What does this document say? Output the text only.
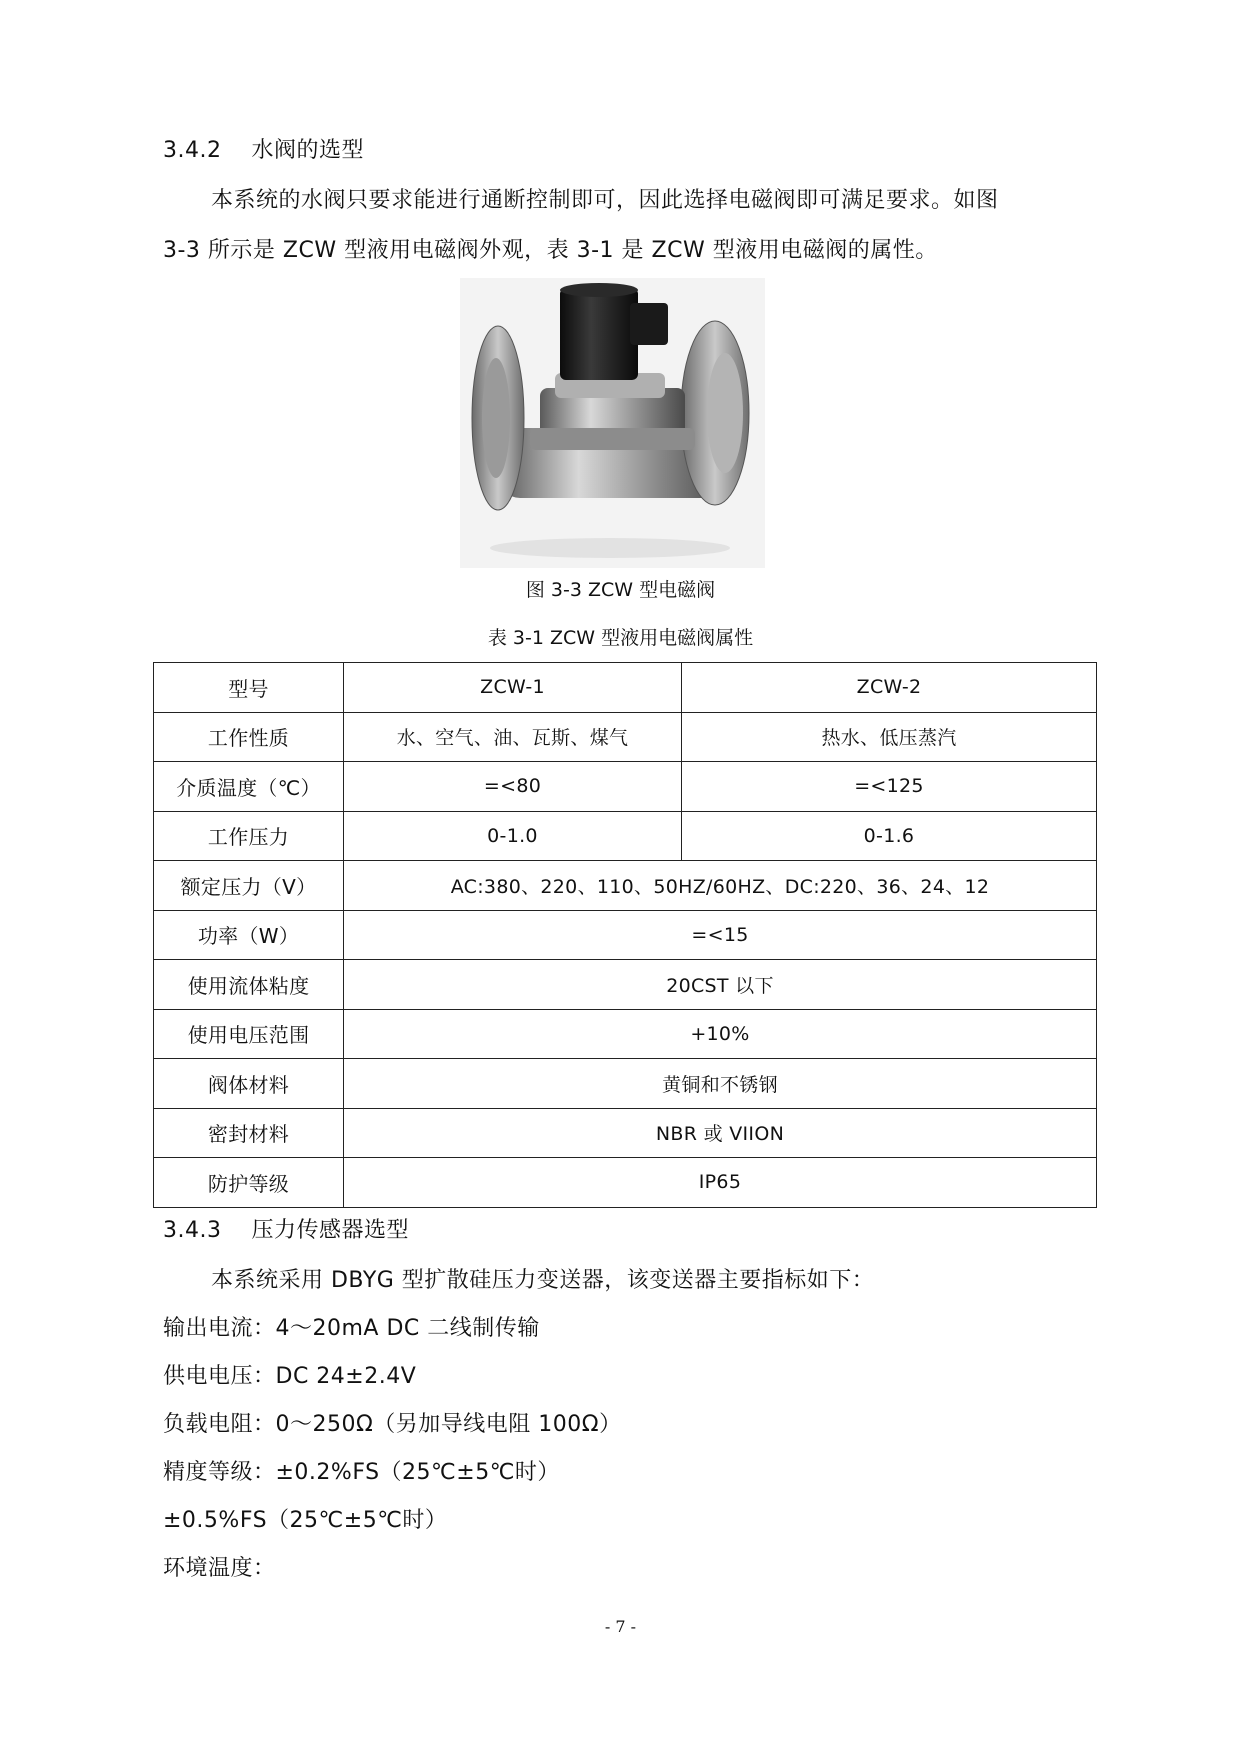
3.4.2 水阀的选型
本系统的水阀只要求能进行通断控制即可，因此选择电磁阀即可满足要求。如图
3-3 所示是 ZCW 型液用电磁阀外观，表 3-1 是 ZCW 型液用电磁阀的属性。
图 3-3 ZCW 型电磁阀
表 3-1 ZCW 型液用电磁阀属性
型号	ZCW-1	ZCW-2
工作性质	水、空气、油、瓦斯、煤气	热水、低压蒸汽
介质温度（℃）	=<80	=<125
工作压力	0-1.0	0-1.6
额定压力（V）	AC:380、220、110、50HZ/60HZ、DC:220、36、24、12	
功率（W）	=<15	
使用流体粘度	20CST 以下	
使用电压范围	+10%	
阀体材料	黄铜和不锈钢	
密封材料	NBR 或 VIION	
防护等级	IP65	
3.4.3 压力传感器选型
本系统采用 DBYG 型扩散硅压力变送器，该变送器主要指标如下：
输出电流：4～20mA DC 二线制传输
供电电压：DC 24±2.4V
负载电阻：0～250Ω（另加导线电阻 100Ω）
精度等级：±0.2%FS（25℃±5℃时）
±0.5%FS（25℃±5℃时）
环境温度：
- 7 -
